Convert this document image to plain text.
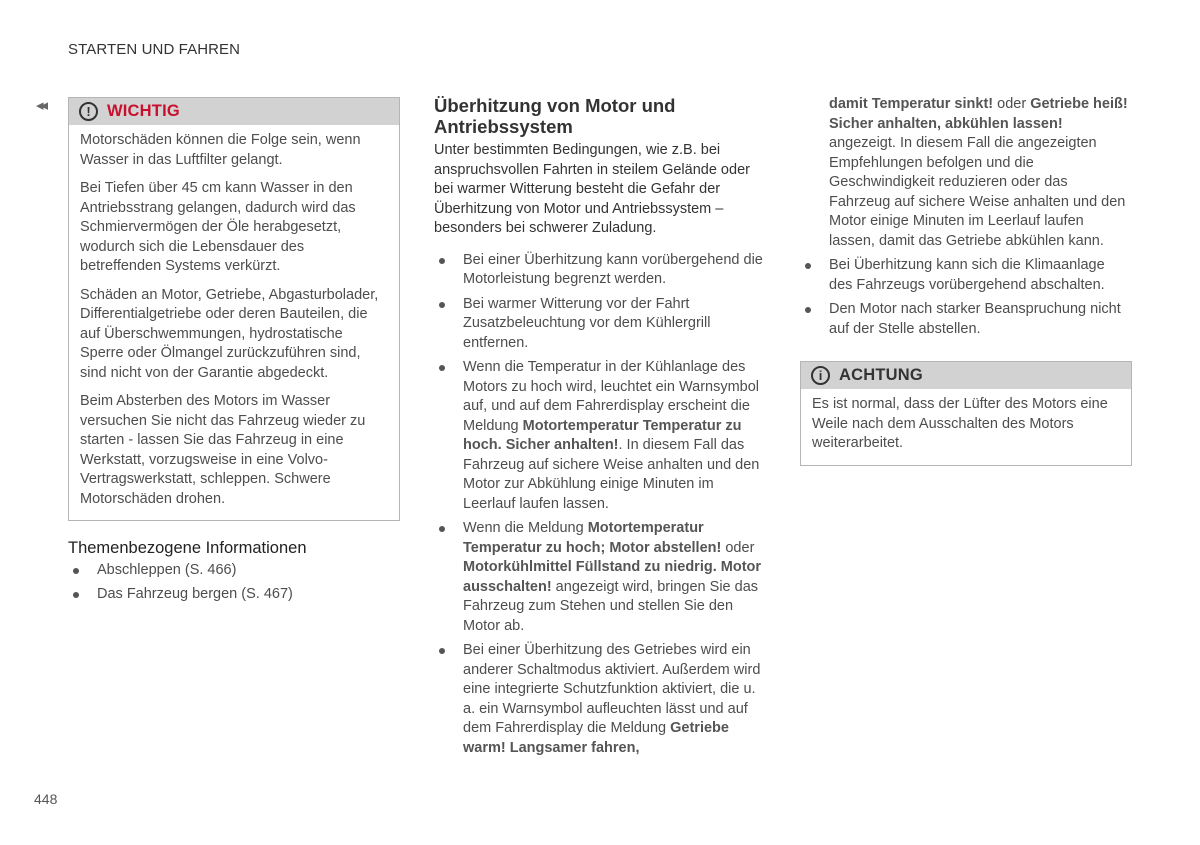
STARTEN UND FAHREN
◂◂	! WICHTIG

Motorschäden können die Folge sein, wenn Wasser in das Luftfilter gelangt.

Bei Tiefen über 45 cm kann Wasser in den Antriebsstrang gelangen, dadurch wird das Schmiervermögen der Öle herabgesetzt, wodurch sich die Lebensdauer des betreffenden Systems verkürzt.

Schäden an Motor, Getriebe, Abgasturbolader, Differentialgetriebe oder deren Bauteilen, die auf Überschwemmungen, hydrostatische Sperre oder Ölmangel zurückzuführen sind, sind nicht von der Garantie abgedeckt.

Beim Absterben des Motors im Wasser versuchen Sie nicht das Fahrzeug wieder zu starten - lassen Sie das Fahrzeug in eine Werkstatt, vorzugsweise in eine Volvo-Vertragswerkstatt, schleppen. Schwere Motorschäden drohen.

Themenbezogene Informationen
Abschleppen (S. 466)
Das Fahrzeug bergen (S. 467)
Überhitzung von Motor und Antriebssystem

Unter bestimmten Bedingungen, wie z.B. bei anspruchsvollen Fahrten in steilem Gelände oder bei warmer Witterung besteht die Gefahr der Überhitzung von Motor und Antriebssystem – besonders bei schwerer Zuladung.

Bei einer Überhitzung kann vorübergehend die Motorleistung begrenzt werden.
Bei warmer Witterung vor der Fahrt Zusatzbeleuchtung vor dem Kühlergrill entfernen.
Wenn die Temperatur in der Kühlanlage des Motors zu hoch wird, leuchtet ein Warnsymbol auf, und auf dem Fahrerdisplay erscheint die Meldung Motortemperatur Temperatur zu hoch. Sicher anhalten!. In diesem Fall das Fahrzeug auf sichere Weise anhalten und den Motor zur Abkühlung einige Minuten im Leerlauf laufen lassen.
Wenn die Meldung Motortemperatur Temperatur zu hoch; Motor abstellen! oder Motorkühlmittel Füllstand zu niedrig. Motor ausschalten! angezeigt wird, bringen Sie das Fahrzeug zum Stehen und stellen Sie den Motor ab.
Bei einer Überhitzung des Getriebes wird ein anderer Schaltmodus aktiviert. Außerdem wird eine integrierte Schutzfunktion aktiviert, die u. a. ein Warnsymbol aufleuchten lässt und auf dem Fahrerdisplay die Meldung Getriebe warm! Langsamer fahren,

damit Temperatur sinkt! oder Getriebe heiß! Sicher anhalten, abkühlen lassen! angezeigt. In diesem Fall die angezeigten Empfehlungen befolgen und die Geschwindigkeit reduzieren oder das Fahrzeug auf sichere Weise anhalten und den Motor einige Minuten im Leerlauf laufen lassen, damit das Getriebe abkühlen kann.

Bei Überhitzung kann sich die Klimaanlage des Fahrzeugs vorübergehend abschalten.
Den Motor nach starker Beanspruchung nicht auf der Stelle abstellen.
i	ACHTUNG

Es ist normal, dass der Lüfter des Motors eine Weile nach dem Ausschalten des Motors weiterarbeitet.

448
